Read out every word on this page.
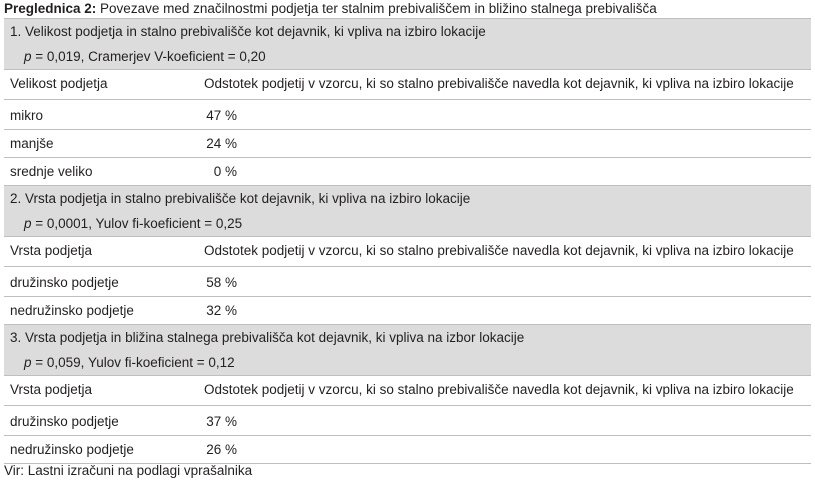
Preglednica 2: Povezave med značilnostmi podjetja ter stalnim prebivališčem in bližino stalnega prebivališča
1. Velikost podjetja in stalno prebivališče kot dejavnik, ki vpliva na izbiro lokacije
p = 0,019, Cramerjev V-koeficient = 0,20
Velikost podjetja	Odstotek podjetij v vzorcu, ki so stalno prebivališče navedla kot dejavnik, ki vpliva na izbiro lokacije
mikro	47 %
manjše	24 %
srednje veliko	0 %
2. Vrsta podjetja in stalno prebivališče kot dejavnik, ki vpliva na izbiro lokacije
p = 0,0001, Yulov fi-koeficient = 0,25
Vrsta podjetja	Odstotek podjetij v vzorcu, ki so stalno prebivališče navedla kot dejavnik, ki vpliva na izbiro lokacije
družinsko podjetje	58 %
nedružinsko podjetje	32 %
3. Vrsta podjetja in bližina stalnega prebivališča kot dejavnik, ki vpliva na izbor lokacije
p = 0,059, Yulov fi-koeficient = 0,12
Vrsta podjetja	Odstotek podjetij v vzorcu, ki so stalno prebivališče navedla kot dejavnik, ki vpliva na izbiro lokacije
družinsko podjetje	37 %
nedružinsko podjetje	26 %
Vir: Lastni izračuni na podlagi vprašalnika
